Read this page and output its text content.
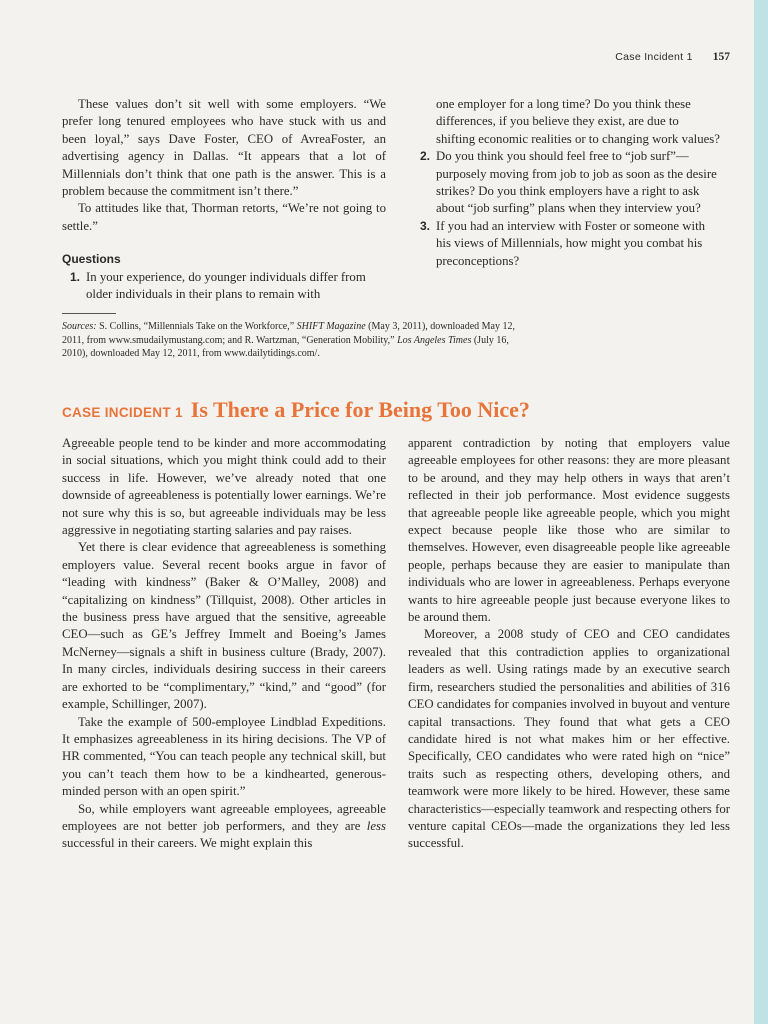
Case Incident 1 157

These values don’t sit well with some employers. “We prefer long tenured employees who have stuck with us and been loyal,” says Dave Foster, CEO of AvreaFoster, an advertising agency in Dallas. “It appears that a lot of Millennials don’t think that one path is the answer. This is a problem because the commitment isn’t there.”

To attitudes like that, Thorman retorts, “We’re not going to settle.”

Questions
1. In your experience, do younger individuals differ from older individuals in their plans to remain with
one employer for a long time? Do you think these differences, if you believe they exist, are due to shifting economic realities or to changing work values?
2. Do you think you should feel free to “job surf”—purposely moving from job to job as soon as the desire strikes? Do you think employers have a right to ask about “job surfing” plans when they interview you?
3. If you had an interview with Foster or someone with his views of Millennials, how might you combat his preconceptions?
Sources: S. Collins, “Millennials Take on the Workforce,” SHIFT Magazine (May 3, 2011), downloaded May 12, 2011, from www.smudailymustang.com; and R. Wartzman, “Generation Mobility,” Los Angeles Times (July 16, 2010), downloaded May 12, 2011, from www.dailytidings.com/.
CASE INCIDENT 1 Is There a Price for Being Too Nice?

Agreeable people tend to be kinder and more accommodating in social situations, which you might think could add to their success in life. However, we’ve already noted that one downside of agreeableness is potentially lower earnings. We’re not sure why this is so, but agreeable individuals may be less aggressive in negotiating starting salaries and pay raises.

Yet there is clear evidence that agreeableness is something employers value. Several recent books argue in favor of “leading with kindness” (Baker & O’Malley, 2008) and “capitalizing on kindness” (Tillquist, 2008). Other articles in the business press have argued that the sensitive, agreeable CEO—such as GE’s Jeffrey Immelt and Boeing’s James McNerney—signals a shift in business culture (Brady, 2007). In many circles, individuals desiring success in their careers are exhorted to be “complimentary,” “kind,” and “good” (for example, Schillinger, 2007).

Take the example of 500-employee Lindblad Expeditions. It emphasizes agreeableness in its hiring decisions. The VP of HR commented, “You can teach people any technical skill, but you can’t teach them how to be a kindhearted, generous-minded person with an open spirit.”

So, while employers want agreeable employees, agreeable employees are not better job performers, and they are less successful in their careers. We might explain this

apparent contradiction by noting that employers value agreeable employees for other reasons: they are more pleasant to be around, and they may help others in ways that aren’t reflected in their job performance. Most evidence suggests that agreeable people like agreeable people, which you might expect because people like those who are similar to themselves. However, even disagreeable people like agreeable people, perhaps because they are easier to manipulate than individuals who are lower in agreeableness. Perhaps everyone wants to hire agreeable people just because everyone likes to be around them.

Moreover, a 2008 study of CEO and CEO candidates revealed that this contradiction applies to organizational leaders as well. Using ratings made by an executive search firm, researchers studied the personalities and abilities of 316 CEO candidates for companies involved in buyout and venture capital transactions. They found that what gets a CEO candidate hired is not what makes him or her effective. Specifically, CEO candidates who were rated high on “nice” traits such as respecting others, developing others, and teamwork were more likely to be hired. However, these same characteristics—especially teamwork and respecting others for venture capital CEOs—made the organizations they led less successful.
